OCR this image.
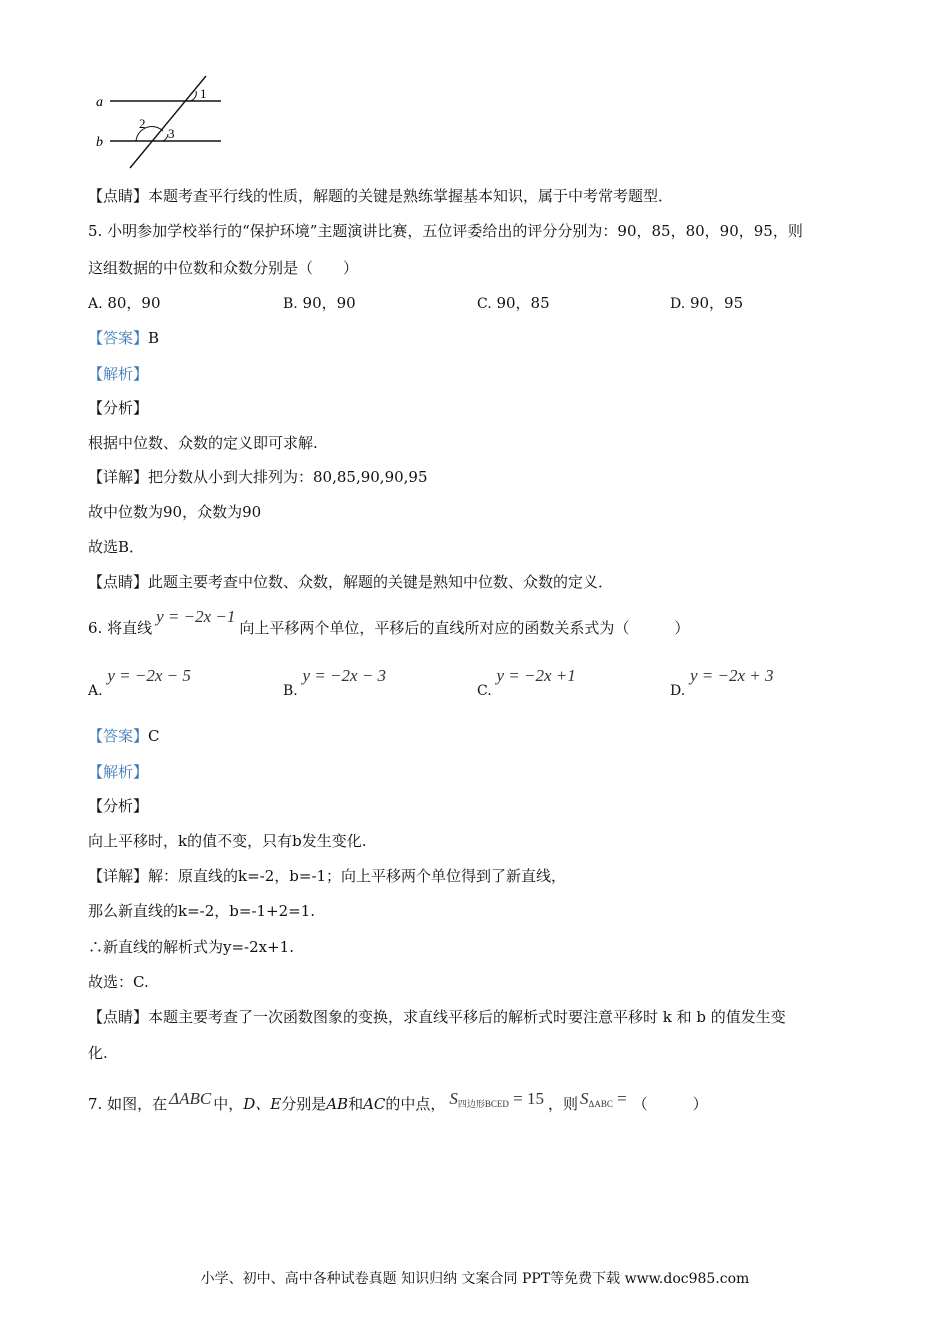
a
b
1
2
3
【点睛】本题考查平行线的性质，解题的关键是熟练掌握基本知识，属于中考常考题型．
5. 小明参加学校举行的“保护环境”主题演讲比赛，五位评委给出的评分分别为：90，85，80，90，95，则
这组数据的中位数和众数分别是（　　）
A. 80，90	B. 90，90	C. 90，85	D. 90，95
【答案】B
【解析】
【分析】
根据中位数、众数的定义即可求解.
【详解】把分数从小到大排列为：80,85,90,90,95
故中位数为90，众数为90
故选B．
【点睛】此题主要考查中位数、众数，解题的关键是熟知中位数、众数的定义．
6. 将直线y = −2x −1向上平移两个单位，平移后的直线所对应的函数关系式为（　　　）
A. y = −2x − 5
B. y = −2x − 3
C. y = −2x +1
D. y = −2x + 3
【答案】C
【解析】
【分析】
向上平移时，k的值不变，只有b发生变化.
【详解】解：原直线的k=-2，b=-1；向上平移两个单位得到了新直线，
那么新直线的k=-2，b=-1+2=1.
∴新直线的解析式为y=-2x+1.
故选：C.
【点睛】本题主要考查了一次函数图象的变换，求直线平移后的解析式时要注意平移时 k 和 b 的值发生变
化.
7. 如图，在 ΔABC 中，D、E分别是AB和AC的中点， $S_{四边形BCED} = 15$ ，则 $S_{\Delta ABC}$ = （　　　）
小学、初中、高中各种试卷真题 知识归纳 文案合同 PPT等免费下载 www.doc985.com
